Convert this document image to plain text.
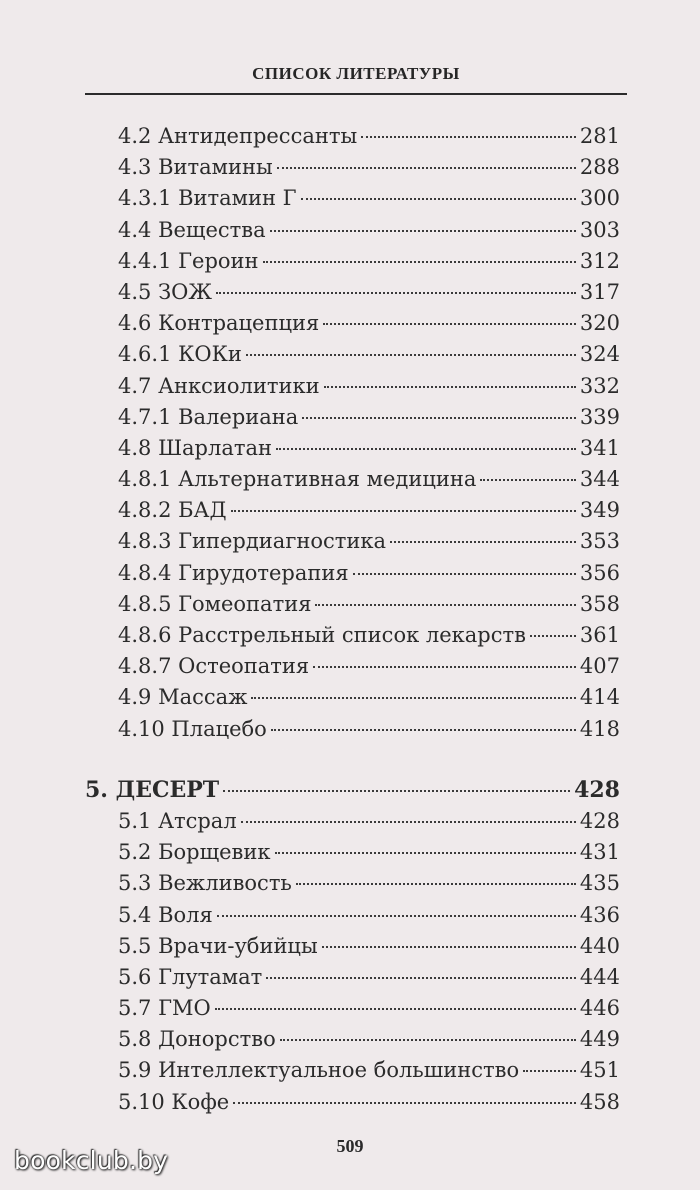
СПИСОК ЛИТЕРАТУРЫ
4.2 Антидепрессанты	281
4.3 Витамины	288
4.3.1 Витамин Г	300
4.4 Вещества	303
4.4.1 Героин	312
4.5 ЗОЖ	317
4.6 Контрацепция	320
4.6.1 КОКи	324
4.7 Анксиолитики	332
4.7.1 Валериана	339
4.8 Шарлатан	341
4.8.1 Альтернативная медицина	344
4.8.2 БАД	349
4.8.3 Гипердиагностика	353
4.8.4 Гирудотерапия	356
4.8.5 Гомеопатия	358
4.8.6 Расстрельный список лекарств	361
4.8.7 Остеопатия	407
4.9 Массаж	414
4.10 Плацебо	418
5. ДЕСЕРТ	428
5.1 Атсрал	428
5.2 Борщевик	431
5.3 Вежливость	435
5.4 Воля	436
5.5 Врачи-убийцы	440
5.6 Глутамат	444
5.7 ГМО	446
5.8 Донорство	449
5.9 Интеллектуальное большинство	451
5.10 Кофе	458
509
bookclub.by
